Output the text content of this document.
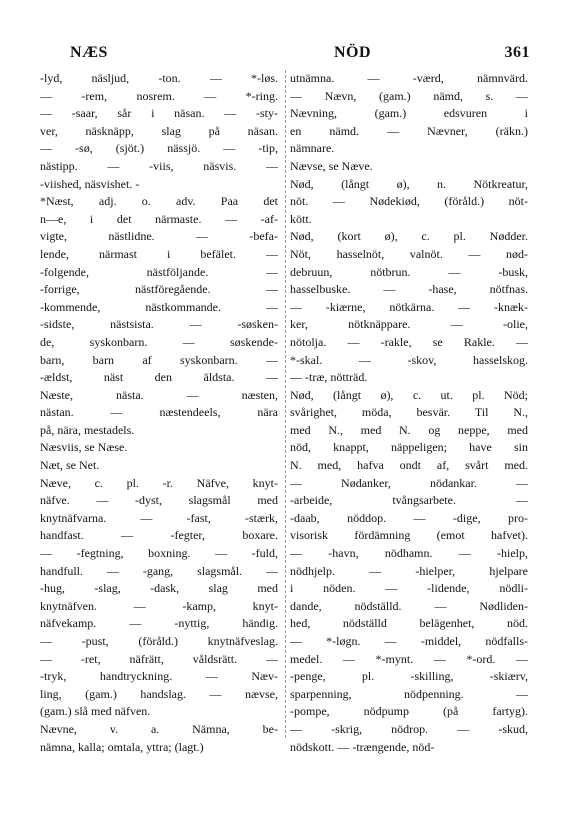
NÆS	NÖD	361
-lyd, näsljud, -ton. — *-løs.
— -rem, nosrem. — *-ring.
— -saar, sår i näsan. — -sty-
ver, näsknäpp, slag på näsan.
— -sø, (sjöt.) nässjö. — -tip,
nästipp. — -viis, näsvis. —
-viished, näsvishet. -
*Næst, adj. o. adv. Paa det
n—e, i det närmaste. — -af-
vigte, nästlidne. — -befa-
lende, närmast i befälet. —
-folgende, nästföljande. —
-forrige, nästföregående. —
-kommende, nästkommande. —
-sidste, nästsista. — -søsken-
de, syskonbarn. — søskende-
barn, barn af syskonbarn. —
-ældst, näst den äldsta. —
Næste, nästa. — næsten,
nästan. — næstendeels, nära
på, nära, mestadels.
Næsviis, se Næse.
Næt, se Net.
Næve, c. pl. -r. Näfve, knyt-
näfve. — -dyst, slagsmål med
knytnäfvarna. — -fast, -stærk,
handfast. — -fegter, boxare.
— -fegtning, boxning. — -fuld,
handfull. — -gang, slagsmål. —
-hug, -slag, -dask, slag med
knytnäfven. — -kamp, knyt-
näfvekamp. — -nyttig, händig.
— -pust, (föråld.) knytnäfveslag.
— -ret, näfrätt, våldsrätt. —
-tryk, handtryckning. — Næv-
ling, (gam.) handslag. — nævse,
(gam.) slå med näfven.
Nævne, v. a. Nämna, be-
nämna, kalla; omtala, yttra; (lagt.)
utnämna. — -værd, nämnvärd.
— Nævn, (gam.) nämd, s. —
Nævning, (gam.) edsvuren i
en nämd. — Nævner, (räkn.)
nämnare.
Nævse, se Næve.
Nød, (långt ø), n. Nötkreatur,
nöt. — Nødekiød, (föråld.) nöt-
kött.
Nød, (kort ø), c. pl. Nødder.
Nöt, hasselnöt, valnöt. — nød-
debruun, nötbrun. — -busk,
hasselbuske. — -hase, nötfnas.
— -kiærne, nötkärna. — -knæk-
ker, nötknäppare. — -olie,
nötolja. — -rakle, se Rakle. —
*-skal. — -skov, hasselskog.
— -træ, nötträd.
Nød, (långt ø), c. ut. pl. Nöd;
svårighet, möda, besvär. Til N.,
med N., med N. og neppe, med
nöd, knappt, näppeligen; have sin
N. med, hafva ondt af, svårt med.
— Nødanker, nödankar. —
-arbeide, tvångsarbete. —
-daab, nöddop. — -dige, pro-
visorisk fördämning (emot hafvet).
— -havn, nödhamn. — -hielp,
nödhjelp. — -hielper, hjelpare
i nöden. — -lidende, nödli-
dande, nödställd. — Nødliden-
hed, nödställd belägenhet, nöd.
— *-løgn. — -middel, nödfalls-
medel. — *-mynt. — *-ord. —
-penge, pl. -skilling, -skiærv,
sparpenning, nödpenning. —
-pompe, nödpump (på fartyg).
— -skrig, nödrop. — -skud,
nödskott. — -trængende, nöd-
